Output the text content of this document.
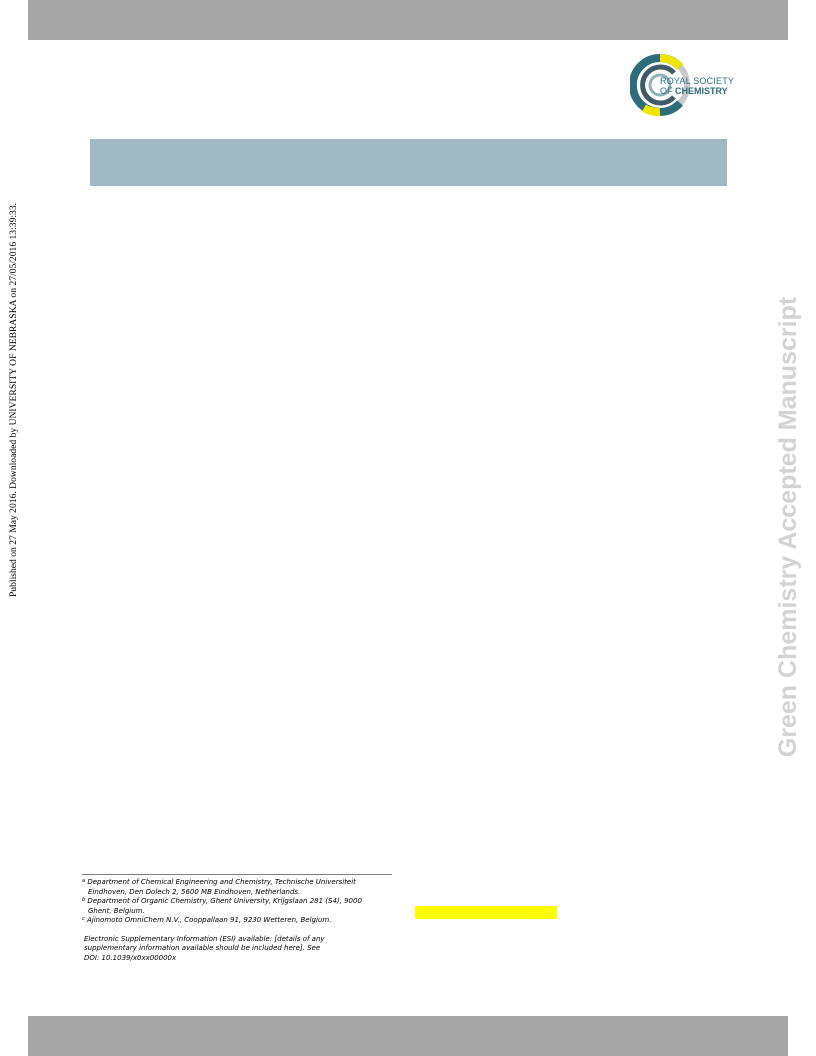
ROYAL SOCIETY
OF CHEMISTRY
Published on 27 May 2016. Downloaded by UNIVERSITY OF NEBRASKA on 27/05/2016 13:39:33.	Green Chemistry Accepted Manuscript
$^a$ Department of Chemical Engineering and Chemistry, Technische Universiteit
Eindhoven, Den Dolech 2, 5600 MB Eindhoven, Netherlands.
$^b$ Department of Organic Chemistry, Ghent University, Krijgslaan 281 (S4), 9000
Ghent, Belgium.
$^c$ Ajinomoto OmniChem N.V., Cooppallaan 91, 9230 Wetteren, Belgium.
Electronic Supplementary Information (ESI) available: [details of any
supplementary information available should be included here]. See
DOI: 10.1039/x0xx00000x
